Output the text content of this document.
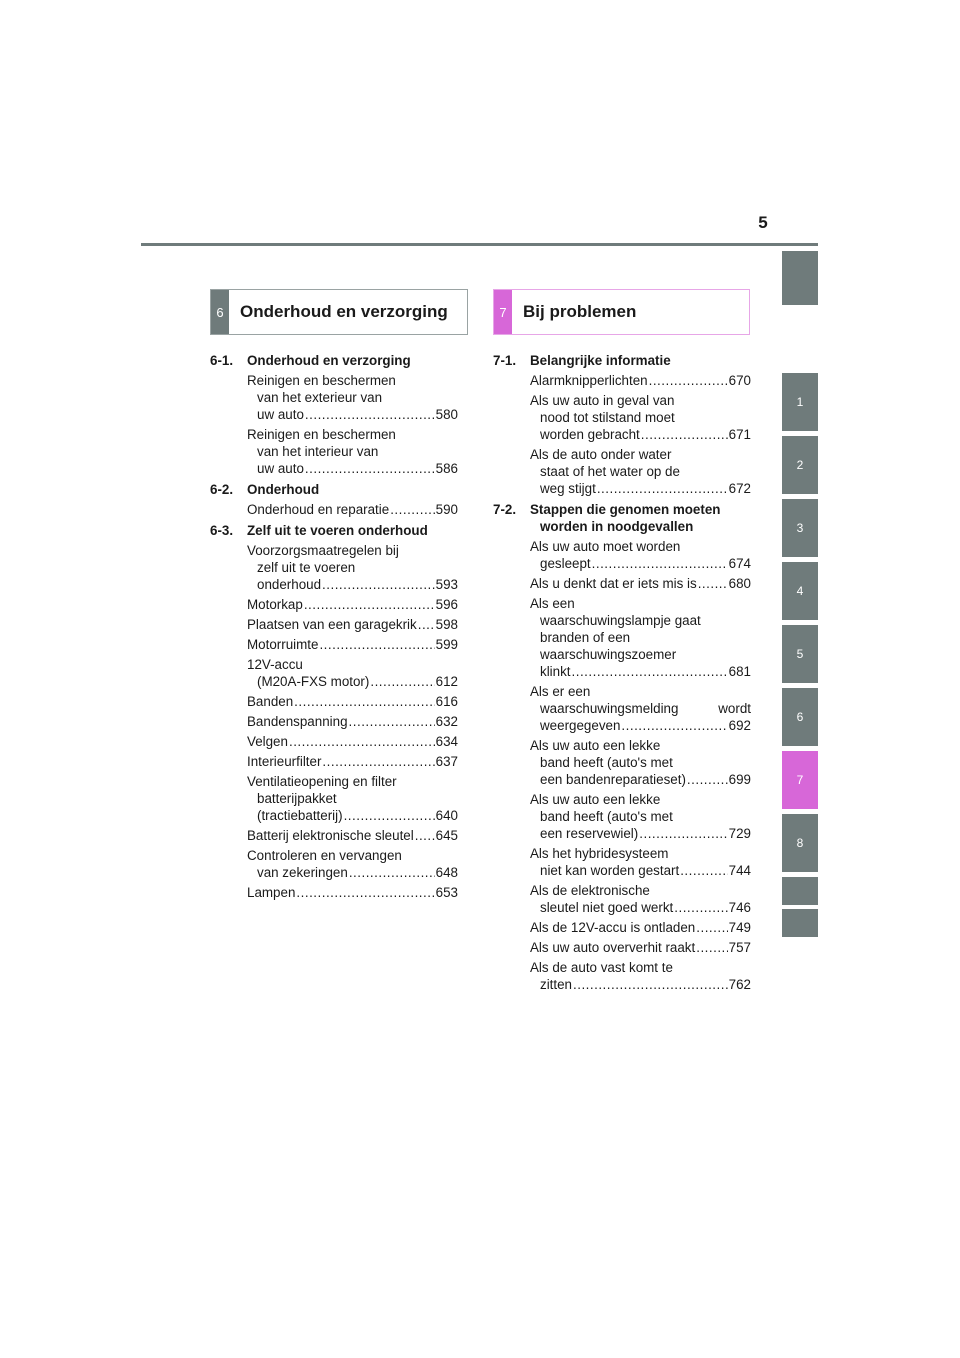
5
1
2
3
4
5
6
7
8
6 Onderhoud en verzorging	7 Bij problemen
6-1.	Onderhoud en verzorging
Reinigen en beschermen
van het exterieur van
uw auto .....	580
Reinigen en beschermen
van het interieur van
uw auto .....	586
6-2.	Onderhoud
Onderhoud en reparatie .....	590
6-3.	Zelf uit te voeren onderhoud
Voorzorgsmaatregelen bij
zelf uit te voeren
onderhoud .....	593
Motorkap .....	596
Plaatsen van een garagekrik ..... 598
Motorruimte .....	599
12V-accu
(M20A-FXS motor) .....	612
Banden .....	616
Bandenspanning .....	632
Velgen .....	634
Interieurfilter .....	637
Ventilatieopening en filter
batterijpakket
(tractiebatterij) .....	640
Batterij elektronische sleutel ..... 645
Controleren en vervangen
van zekeringen .....	648
Lampen .....	653
7-1.	Belangrijke informatie
Alarmknipperlichten .....	670
Als uw auto in geval van
nood tot stilstand moet
worden gebracht .....	671
Als de auto onder water
staat of het water op de
weg stijgt .....	672
7-2.	Stappen die genomen moeten
worden in noodgevallen
Als uw auto moet worden
gesleept .....	674
Als u denkt dat er iets mis is ..... 680
Als een
waarschuwingslampje gaat
branden of een
waarschuwingszoemer
klinkt .....	681
Als er een
waarschuwingsmelding	wordt
weergegeven .....	692
Als uw auto een lekke
band heeft (auto's met
een bandenreparatieset) .....	699
Als uw auto een lekke
band heeft (auto's met
een reservewiel) .....	729
Als het hybridesysteem
niet kan worden gestart .....	744
Als de elektronische
sleutel niet goed werkt .....	746
Als de 12V-accu is ontladen ..... 749
Als uw auto oververhit raakt ..... 757
Als de auto vast komt te
zitten .....	762
